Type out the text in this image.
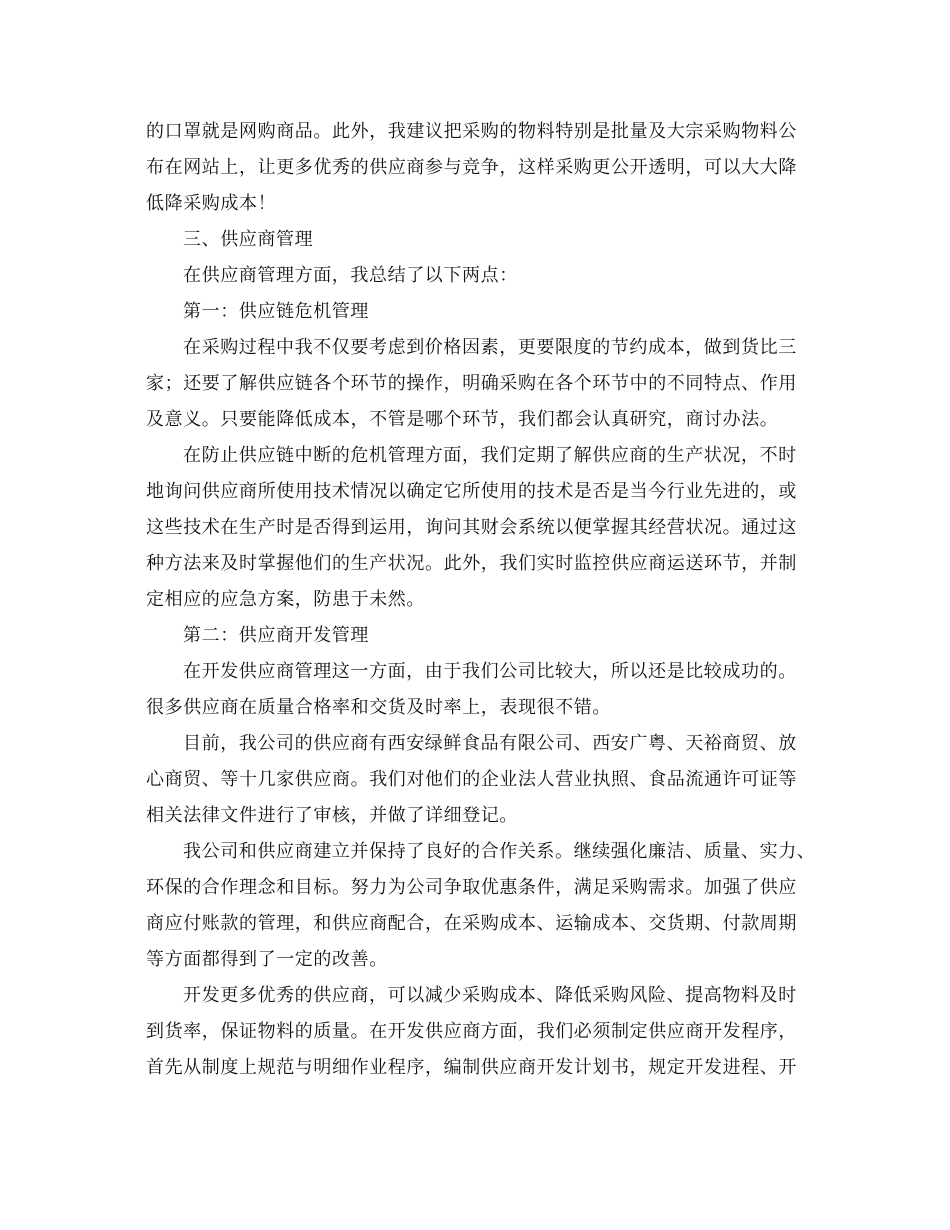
的口罩就是网购商品。此外，我建议把采购的物料特别是批量及大宗采购物料公
布在网站上，让更多优秀的供应商参与竞争，这样采购更公开透明，可以大大降
低降采购成本！

三、供应商管理

在供应商管理方面，我总结了以下两点：

第一：供应链危机管理

在采购过程中我不仅要考虑到价格因素，更要限度的节约成本，做到货比三
家；还要了解供应链各个环节的操作，明确采购在各个环节中的不同特点、作用
及意义。只要能降低成本，不管是哪个环节，我们都会认真研究，商讨办法。

在防止供应链中断的危机管理方面，我们定期了解供应商的生产状况，不时
地询问供应商所使用技术情况以确定它所使用的技术是否是当今行业先进的，或
这些技术在生产时是否得到运用，询问其财会系统以便掌握其经营状况。通过这
种方法来及时掌握他们的生产状况。此外，我们实时监控供应商运送环节，并制
定相应的应急方案，防患于未然。

第二：供应商开发管理

在开发供应商管理这一方面，由于我们公司比较大，所以还是比较成功的。
很多供应商在质量合格率和交货及时率上，表现很不错。

目前，我公司的供应商有西安绿鲜食品有限公司、西安广粤、天裕商贸、放
心商贸、等十几家供应商。我们对他们的企业法人营业执照、食品流通许可证等
相关法律文件进行了审核，并做了详细登记。

我公司和供应商建立并保持了良好的合作关系。继续强化廉洁、质量、实力、
环保的合作理念和目标。努力为公司争取优惠条件，满足采购需求。加强了供应
商应付账款的管理，和供应商配合，在采购成本、运输成本、交货期、付款周期
等方面都得到了一定的改善。

开发更多优秀的供应商，可以减少采购成本、降低采购风险、提高物料及时
到货率，保证物料的质量。在开发供应商方面，我们必须制定供应商开发程序，
首先从制度上规范与明细作业程序，编制供应商开发计划书，规定开发进程、开
